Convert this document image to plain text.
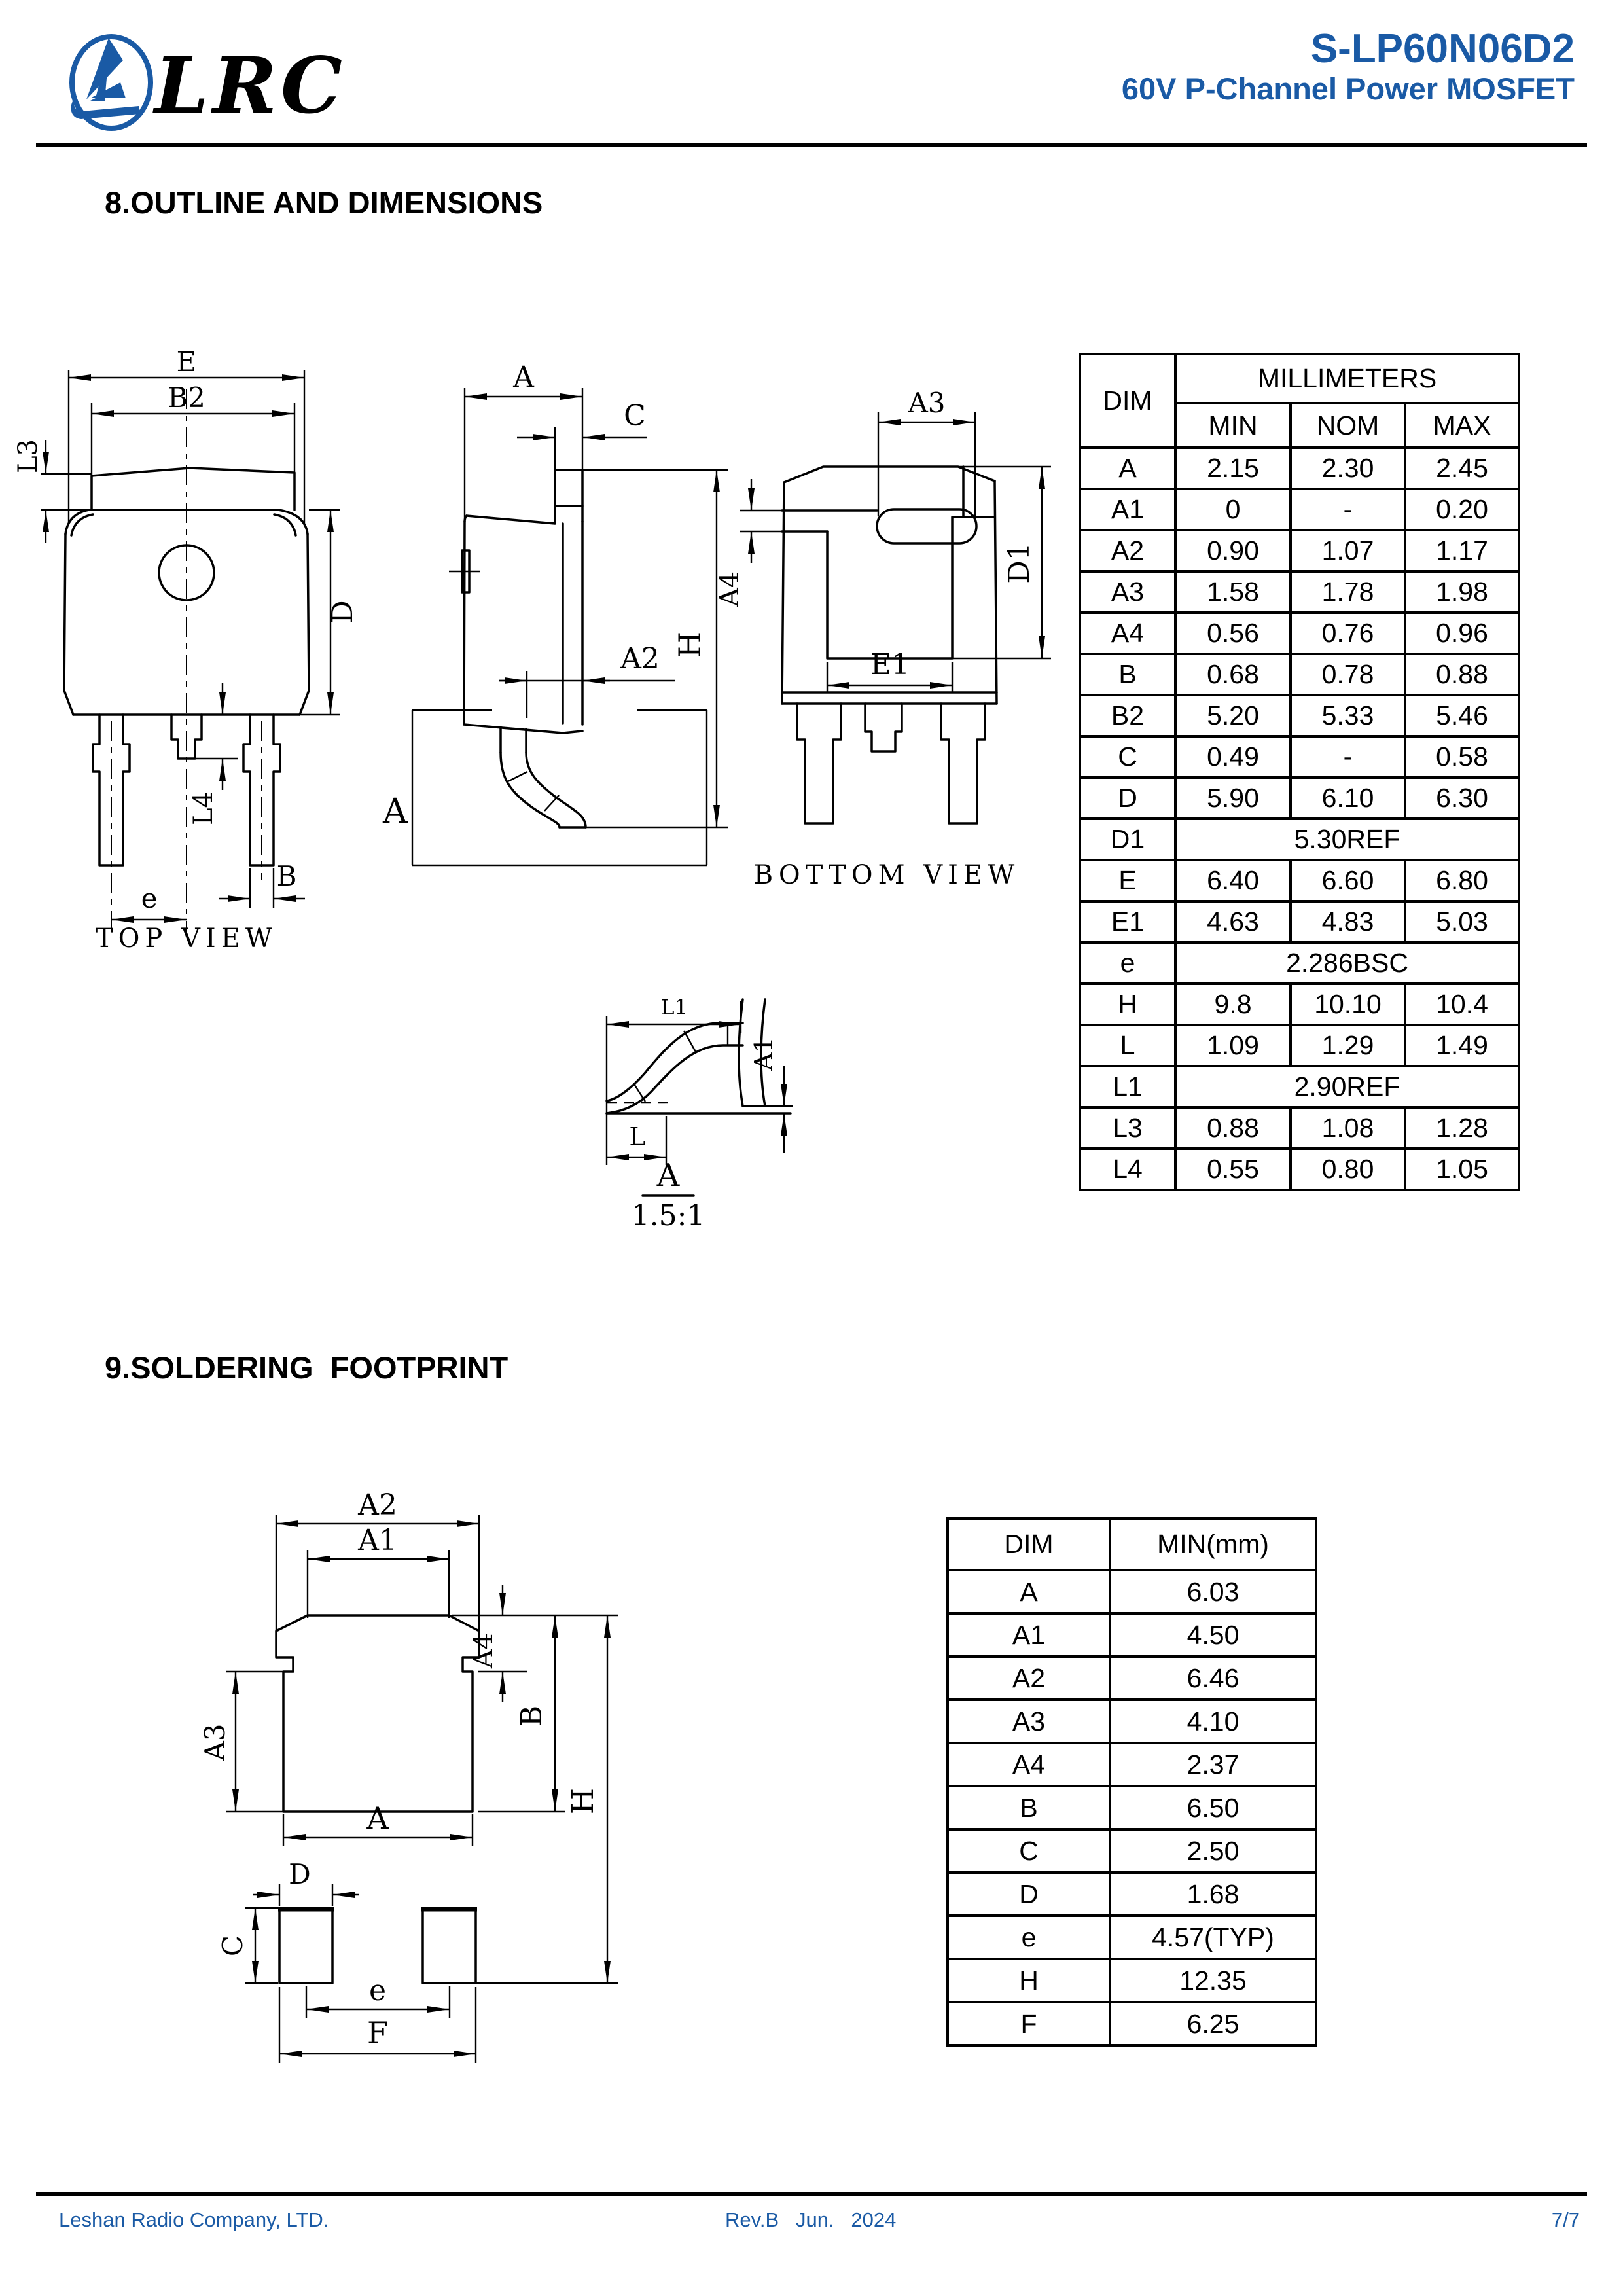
LRC	S-LP60N06D2
60V P-Channel Power MOSFET
8.OUTLINE AND DIMENSIONS
E
B2
L3
D
L4
B
e
TOP VIEW
A
C
A2 H
A
A3
A4
D1
E1
BOTTOM VIEW
L1
A1
L
A
1.5:1
DIM	MILLIMETERS		
	MIN	NOM	MAX
A	2.15	2.30	2.45
A1	0	-	0.20
A2	0.90	1.07	1.17
A3	1.58	1.78	1.98
A4	0.56	0.76	0.96
B	0.68	0.78	0.88
B2	5.20	5.33	5.46
C	0.49	-	0.58
D	5.90	6.10	6.30
D1	5.30REF		
E	6.40	6.60	6.80
E1	4.63	4.83	5.03
e	2.286BSC		
H	9.8	10.10	10.4
L	1.09	1.29	1.49
L1	2.90REF		
L3	0.88	1.08	1.28
L4	0.55	0.80	1.05
9.SOLDERING  FOOTPRINT
A2
A1
A4
B
H
A3
A
D
C
e
F
DIM	MIN(mm)
A	6.03
A1	4.50
A2	6.46
A3	4.10
A4	2.37
B	6.50
C	2.50
D	1.68
e	4.57(TYP)
H	12.35
F	6.25
Leshan Radio Company, LTD.	Rev.B   Jun.   2024	7/7
